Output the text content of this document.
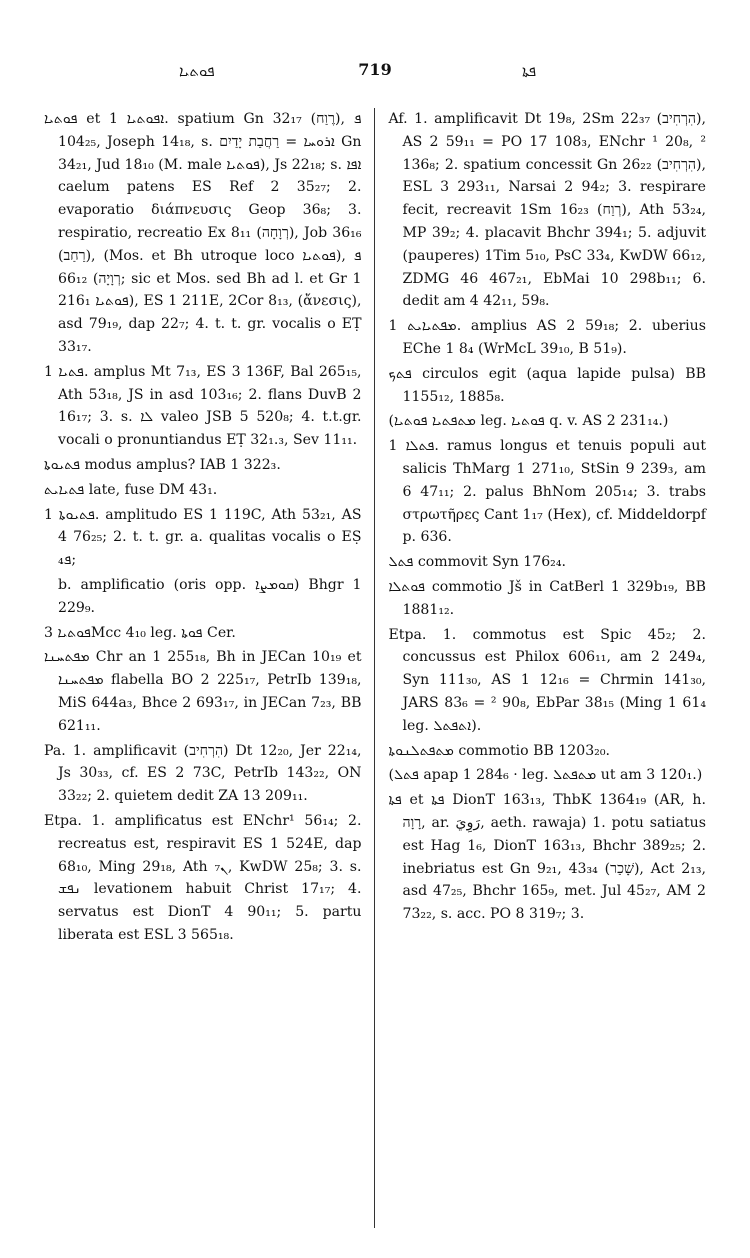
ܦܘܬܝܐ	719	ܦܬܐ

ܦܘܬܝܐ et ܐܦܘܬܝܐ 1. spatium Gn 32₁₇ (רֶוַח), ܦ 104₂₅, Joseph 14₁₈, s. ܐܪܘܚܐ = רַחֲבַת יָדַיִם Gn 34₂₁, Jud 18₁₀ (M. male ܦܘܬܝܐ), Js 22₁₈; s. ܐܦܐ caelum patens ES Ref 2 35₂₇; 2. evaporatio διάπνευσις Geop 36₈; 3. respiratio, recreatio Ex 8₁₁ (רְוָחָה), Job 36₁₆ (רַחַב), (Mos. et Bh utroque loco ܦܘܬܝܐ), ܦ 66₁₂ (רְוָיָה; sic et Mos. sed Bh ad l. et Gr 1 216₁ ܦܘܬܝܐ), ES 1 211E, 2Cor 8₁₃, (ἄνεσις), asd 79₁₉, dap 22₇; 4. t. t. gr. vocalis o EṬ 33₁₇.

ܦܬܝܐ 1. amplus Mt 7₁₃, ES 3 136F, Bal 265₁₅, Ath 53₁₈, JS in asd 103₁₆; 2. flans DuvB 2 16₁₇; 3. s. ܠܐ valeo JSB 5 520₈; 4. t.t.gr. vocali o pronuntiandus EṬ 32₁.₃, Sev 11₁₁.

ܦܬܝܘܬܐ modus amplus? IAB 1 322₃.

ܦܬܝܐܝܬ late, fuse DM 43₁.

ܦܬܝܘܬܐ 1. amplitudo ES 1 119C, Ath 53₂₁, AS 4 76₂₅; 2. t. t. gr. a. qualitas vocalis o EṢ ܦ₄;

b. amplificatio (oris opp. ܩܘܡܨܐ) Bhgr 1 229₉.

ܦܘܬܝܐ 3Mcc 4₁₀ leg. ܦܘܬܐ Cer.

ܡܦܬܚܢܐ Chr an 1 255₁₈, Bh in JECan 10₁₉ et ܡܦܬܚܢܐ flabella BO 2 225₁₇, PetrIb 139₁₈, MiS 644a₃, Bhce 2 693₁₇, in JECan 7₂₃, BB 621₁₁.

Pa. 1. amplificavit (הִרְחִיב) Dt 12₂₀, Jer 22₁₄, Js 30₃₃, cf. ES 2 73C, PetrIb 143₂₂, ON 33₂₂; 2. quietem dedit ZA 13 209₁₁.

Etpa. 1. amplificatus est ENchr¹ 56₁₄; 2. recreatus est, respiravit ES 1 524E, dap 68₁₀, Ming 29₁₈, Ath ܢ₇, KwDW 25₈; 3. s. ܢܦܫ levationem habuit Christ 17₁₇; 4. servatus est DionT 4 90₁₁; 5. partu liberata est ESL 3 565₁₈.

Af. 1. amplificavit Dt 19₈, 2Sm 22₃₇ (הִרְחִיב), AS 2 59₁₁ = PO 17 108₃, ENchr ¹ 20₈, ² 136₈; 2. spatium concessit Gn 26₂₂ (הִרְחִיב), ESL 3 293₁₁, Narsai 2 94₂; 3. respirare fecit, recreavit 1Sm 16₂₃ (רְוַח), Ath 53₂₄, MP 39₂; 4. placavit Bhchr 394₁; 5. adjuvit (pauperes) 1Tim 5₁₀, PsC 33₄, KwDW 66₁₂, ZDMG 46 467₂₁, EbMai 10 298b₁₁; 6. dedit am 4 42₁₁, 59₈.

ܡܦܬܝܐܝܬ 1. amplius AS 2 59₁₈; 2. uberius EChe 1 8₄ (WrMcL 39₁₀, B 51₉).

ܦܬܟ circulos egit (aqua lapide pulsa) BB 1155₁₂, 1885₈.

(ܡܬܦܬܝܐ ܦܘܬܝܐ leg. ܦܘܬܝܐ q. v. AS 2 231₁₄.)

ܦܬܠܐ 1. ramus longus et tenuis populi aut salicis ThMarg 1 271₁₀, StSin 9 239₃, am 6 47₁₁; 2. palus BhNom 205₁₄; 3. trabs στρωτῆρες Cant 1₁₇ (Hex), cf. Middeldorpf p. 636.

ܦܬܠ commovit Syn 176₂₄.

ܦܘܬܠܐ commotio Jš in CatBerl 1 329b₁₉, BB 1881₁₂.

Etpa. 1. commotus est Spic 45₂; 2. concussus est Philox 606₁₁, am 2 249₄, Syn 111₃₀, AS 1 12₁₆ = Chrmin 141₃₀, JARS 83₆ = ² 90₈, EbPar 38₁₅ (Ming 1 61₄ leg. ܐܬܦܬܠ).

ܡܬܦܬܠܢܘܬܐ commotio BB 1203₂₀.

(ܦܬܠ apap 1 284₆ · leg. ܡܬܦܬܠ ut am 3 120₁.)

ܦܬܐ et ܦܬܐ DionT 163₁₃, ThbK 1364₁₉ (AR, h. רָוָה, ar. رَوِيَ, aeth. rawaja) 1. potu satiatus est Hag 1₆, DionT 163₁₃, Bhchr 389₂₅; 2. inebriatus est Gn 9₂₁, 43₃₄ (שָׁכַר), Act 2₁₃, asd 47₂₅, Bhchr 165₉, met. Jul 45₂₇, AM 2 73₂₂, s. acc. PO 8 319₇; 3.
